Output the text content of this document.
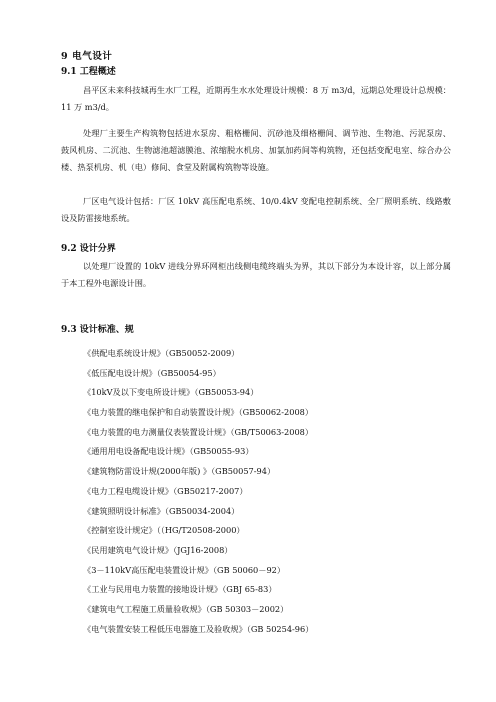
9 电气设计
9.1 工程概述
昌平区未来科技城再生水厂工程，近期再生水水处理设计规模：8 万 m3/d，远期总处理设计总规模：11 万 m3/d。
处理厂主要生产构筑物包括进水泵房、粗格栅间、沉砂池及细格栅间、调节池、生物池、污泥泵房、鼓风机房、二沉池、生物滤池超滤膜池、浓缩脱水机房、加氯加药间等构筑物，还包括变配电室、综合办公楼、热泵机房、机（电）修间、食堂及附属构筑物等设施。
厂区电气设计包括：厂区 10kV 高压配电系统、10/0.4kV 变配电控制系统、全厂照明系统、线路敷设及防雷接地系统。
9.2 设计分界
以处理厂设置的 10kV 进线分界环网柜出线侧电缆终端头为界，其以下部分为本设计容，以上部分属于本工程外电源设计围。
9.3 设计标准、规
《供配电系统设计规》（GB50052-2009）
《低压配电设计规》（GB50054-95）
《10kV及以下变电所设计规》（GB50053-94）
《电力装置的继电保护和自动装置设计规》（GB50062-2008）
《电力装置的电力测量仪表装置设计规》（GB/T50063-2008）
《通用用电设备配电设计规》（GB50055-93）
《建筑物防雷设计规(2000年版) 》（GB50057-94）
《电力工程电缆设计规》（GB50217-2007）
《建筑照明设计标准》（GB50034-2004）
《控制室设计规定》（（HG/T20508-2000）
《民用建筑电气设计规》（JGJ16-2008）
《3－110kV高压配电装置设计规》（GB 50060－92）
《工业与民用电力装置的接地设计规》（GBJ 65-83）
《建筑电气工程施工质量验收规》（GB 50303－2002）
《电气装置安装工程低压电器施工及验收规》（GB 50254-96）
